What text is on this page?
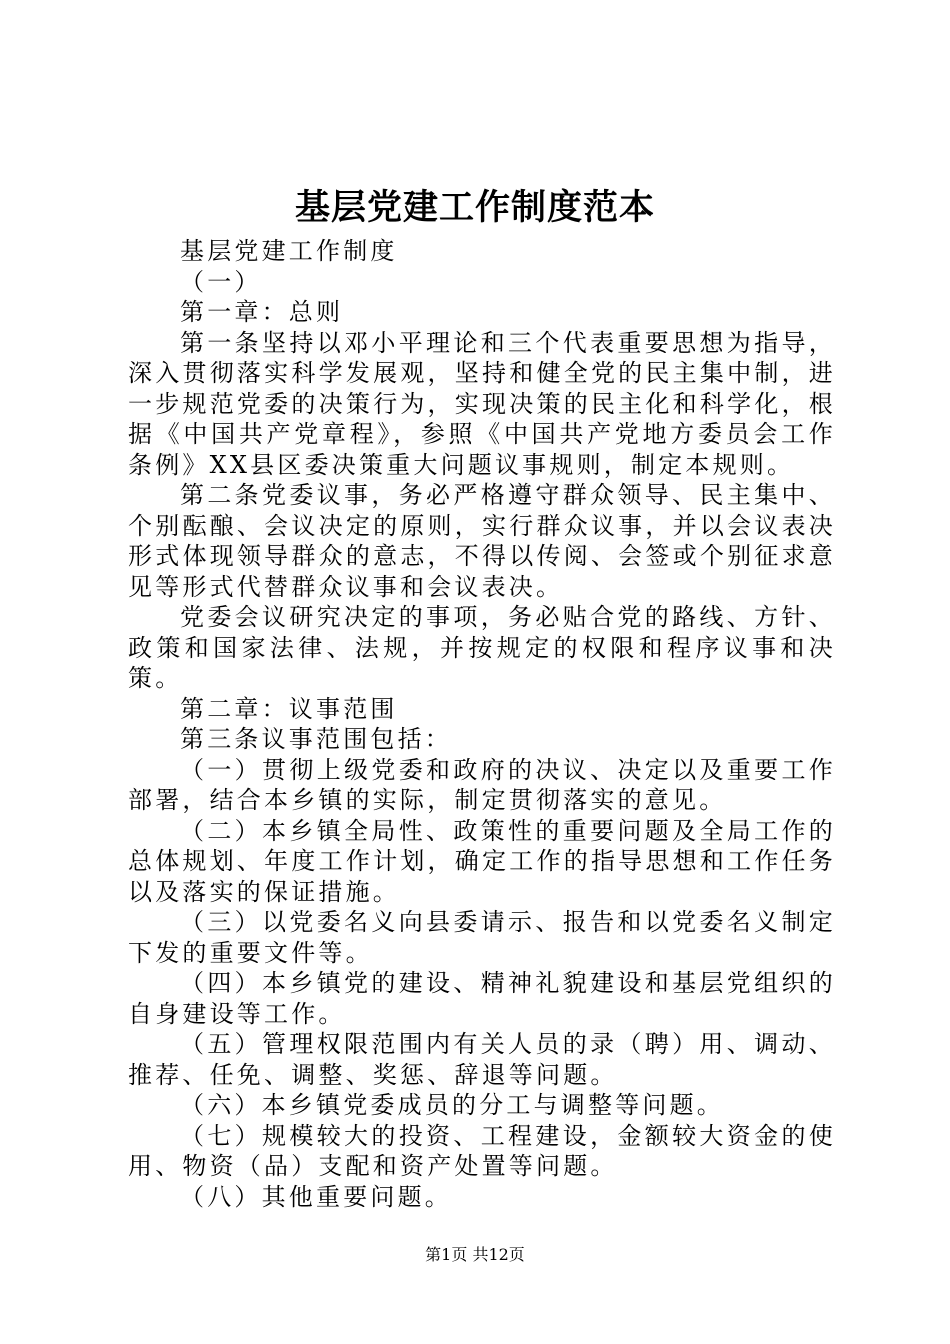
基层党建工作制度范本

基层党建工作制度

（一）

第一章：总则

第一条坚持以邓小平理论和三个代表重要思想为指导，深入贯彻落实科学发展观，坚持和健全党的民主集中制，进一步规范党委的决策行为，实现决策的民主化和科学化，根据《中国共产党章程》，参照《中国共产党地方委员会工作条例》XX县区委决策重大问题议事规则，制定本规则。

第二条党委议事，务必严格遵守群众领导、民主集中、个别酝酿、会议决定的原则，实行群众议事，并以会议表决形式体现领导群众的意志，不得以传阅、会签或个别征求意见等形式代替群众议事和会议表决。

党委会议研究决定的事项，务必贴合党的路线、方针、政策和国家法律、法规，并按规定的权限和程序议事和决策。

第二章：议事范围

第三条议事范围包括：

（一）贯彻上级党委和政府的决议、决定以及重要工作部署，结合本乡镇的实际，制定贯彻落实的意见。

（二）本乡镇全局性、政策性的重要问题及全局工作的总体规划、年度工作计划，确定工作的指导思想和工作任务以及落实的保证措施。

（三）以党委名义向县委请示、报告和以党委名义制定下发的重要文件等。

（四）本乡镇党的建设、精神礼貌建设和基层党组织的自身建设等工作。

（五）管理权限范围内有关人员的录（聘）用、调动、推荐、任免、调整、奖惩、辞退等问题。

（六）本乡镇党委成员的分工与调整等问题。

（七）规模较大的投资、工程建设，金额较大资金的使用、物资（品）支配和资产处置等问题。

（八）其他重要问题。

第1页 共12页
